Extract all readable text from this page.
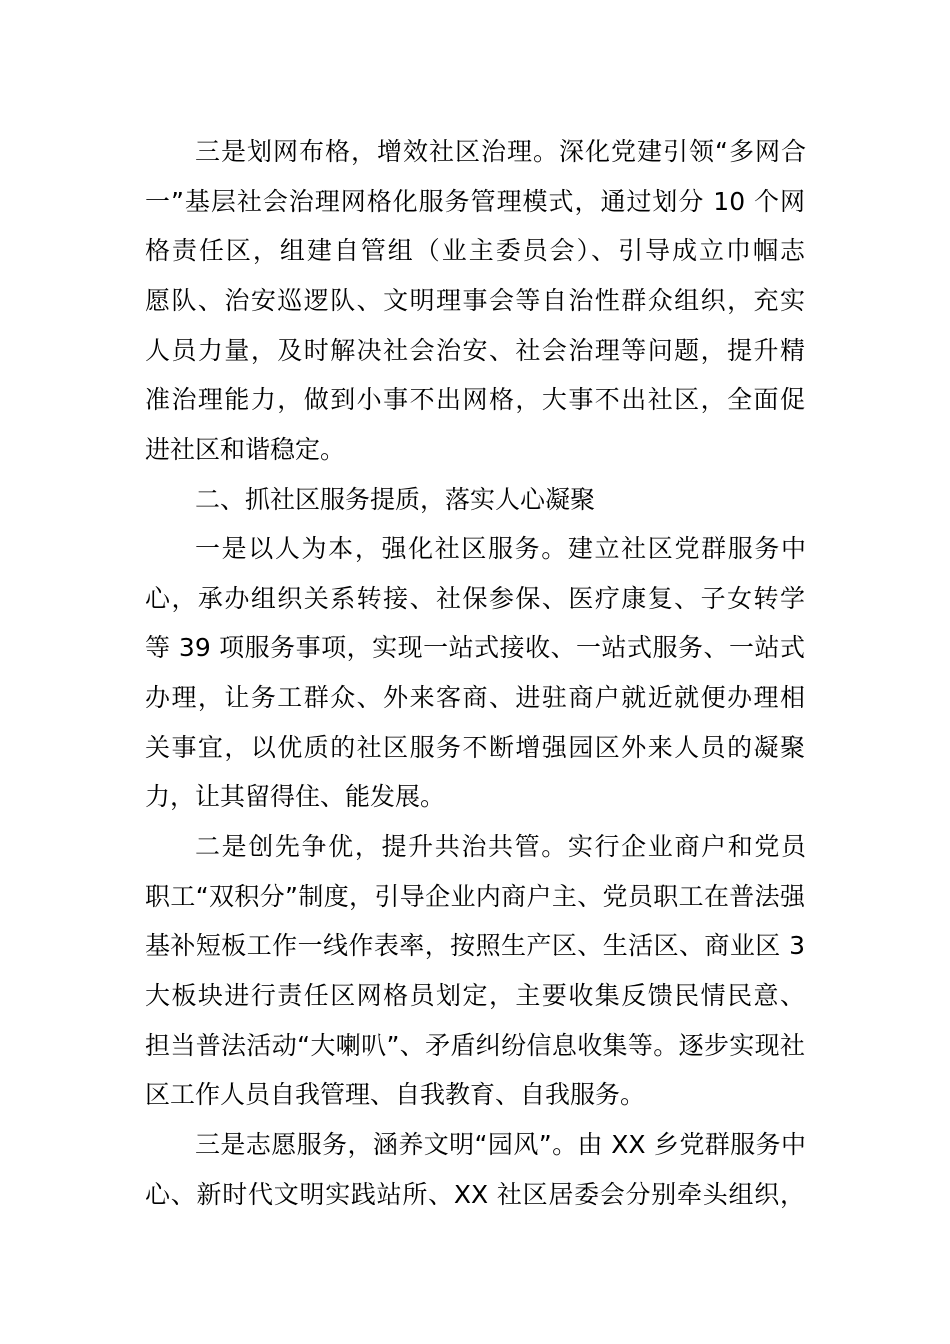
三是划网布格，增效社区治理。深化党建引领“多网合
一”基层社会治理网格化服务管理模式，通过划分 10 个网
格责任区，组建自管组（业主委员会）、引导成立巾帼志
愿队、治安巡逻队、文明理事会等自治性群众组织，充实
人员力量，及时解决社会治安、社会治理等问题，提升精
准治理能力，做到小事不出网格，大事不出社区，全面促
进社区和谐稳定。
二、抓社区服务提质，落实人心凝聚
一是以人为本，强化社区服务。建立社区党群服务中
心，承办组织关系转接、社保参保、医疗康复、子女转学
等 39 项服务事项，实现一站式接收、一站式服务、一站式
办理，让务工群众、外来客商、进驻商户就近就便办理相
关事宜，以优质的社区服务不断增强园区外来人员的凝聚
力，让其留得住、能发展。
二是创先争优，提升共治共管。实行企业商户和党员
职工“双积分”制度，引导企业内商户主、党员职工在普法强
基补短板工作一线作表率，按照生产区、生活区、商业区 3
大板块进行责任区网格员划定，主要收集反馈民情民意、
担当普法活动“大喇叭”、矛盾纠纷信息收集等。逐步实现社
区工作人员自我管理、自我教育、自我服务。
三是志愿服务，涵养文明“园风”。由 XX 乡党群服务中
心、新时代文明实践站所、XX 社区居委会分别牵头组织，
